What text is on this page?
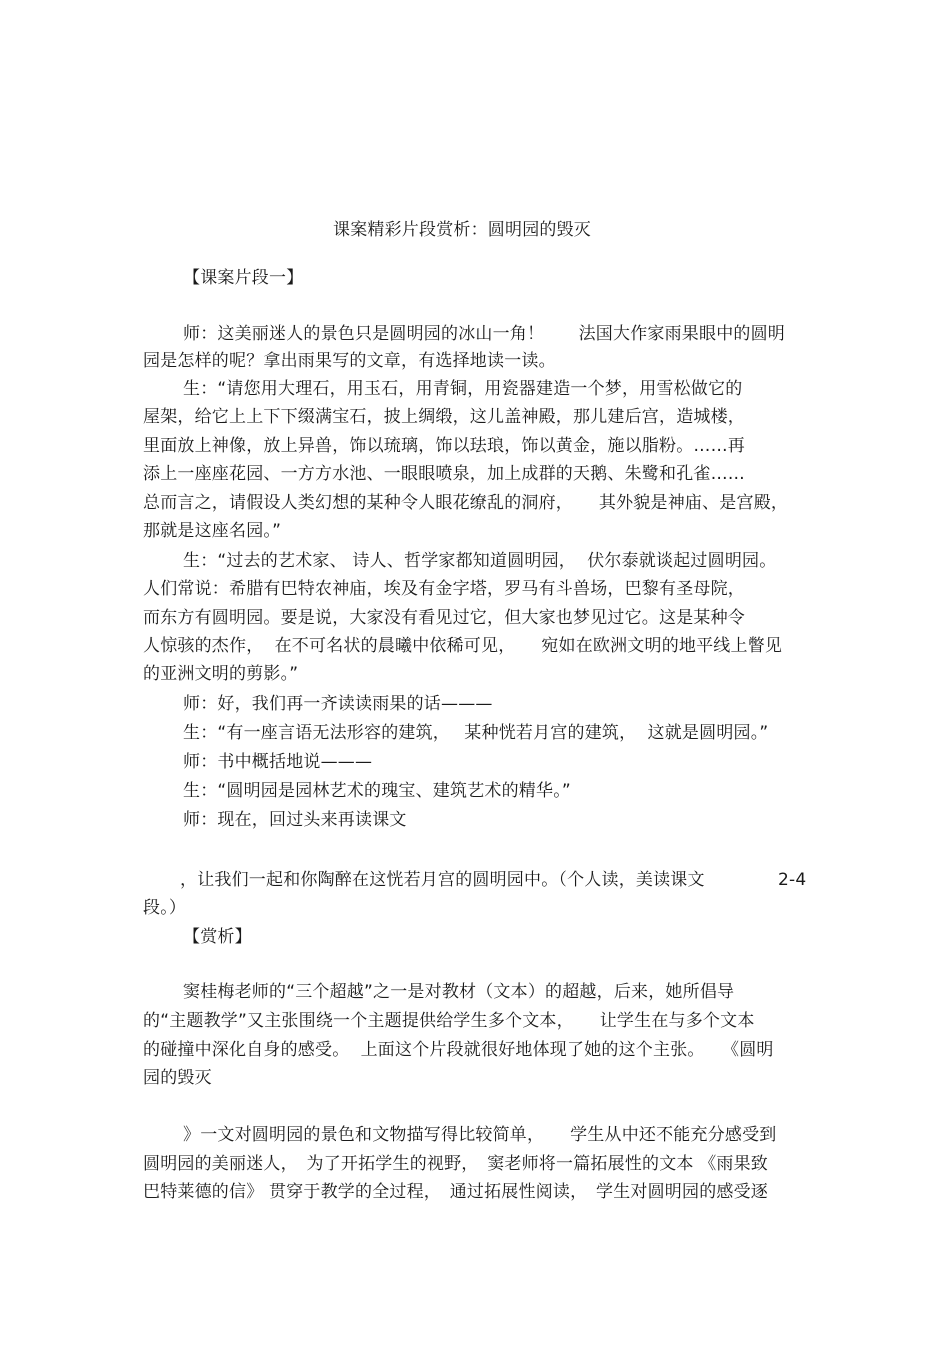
课案精彩片段赏析：圆明园的毁灭
【课案片段一】
师：这美丽迷人的景色只是圆明园的冰山一角！　　法国大作家雨果眼中的圆明
园是怎样的呢？拿出雨果写的文章，有选择地读一读。
生：“请您用大理石，用玉石，用青铜，用瓷器建造一个梦，用雪松做它的
屋架，给它上上下下缀满宝石，披上绸缎，这儿盖神殿，那儿建后宫，造城楼，
里面放上神像，放上异兽，饰以琉璃，饰以珐琅，饰以黄金，施以脂粉。……再
添上一座座花园、一方方水池、一眼眼喷泉，加上成群的天鹅、朱鹭和孔雀……
总而言之，请假设人类幻想的某种令人眼花缭乱的洞府，　　其外貌是神庙、是宫殿，
那就是这座名园。”
生：“过去的艺术家、 诗人、哲学家都知道圆明园，  伏尔泰就谈起过圆明园。
人们常说：希腊有巴特农神庙，埃及有金字塔，罗马有斗兽场，巴黎有圣母院，
而东方有圆明园。要是说，大家没有看见过它，但大家也梦见过它。这是某种令
人惊骇的杰作，  在不可名状的晨曦中依稀可见，　　宛如在欧洲文明的地平线上瞥见
的亚洲文明的剪影。”
师：好，我们再一齐读读雨果的话———
生：“有一座言语无法形容的建筑，　 某种恍若月宫的建筑，  这就是圆明园。”
师：书中概括地说———
生：“圆明园是园林艺术的瑰宝、建筑艺术的精华。”
师：现在，回过头来再读课文
，让我们一起和你陶醉在这恍若月宫的圆明园中。（个人读，美读课文	2-4
段。）
【赏析】
窦桂梅老师的“三个超越”之一是对教材（文本）的超越，后来，她所倡导
的“主题教学”又主张围绕一个主题提供给学生多个文本，　　让学生在与多个文本
的碰撞中深化自身的感受。  上面这个片段就很好地体现了她的这个主张。　　《圆明
园的毁灭
》一文对圆明园的景色和文物描写得比较简单，　　学生从中还不能充分感受到
圆明园的美丽迷人，　为了开拓学生的视野，　窦老师将一篇拓展性的文本 《雨果致
巴特莱德的信》 贯穿于教学的全过程，　通过拓展性阅读，　学生对圆明园的感受逐
